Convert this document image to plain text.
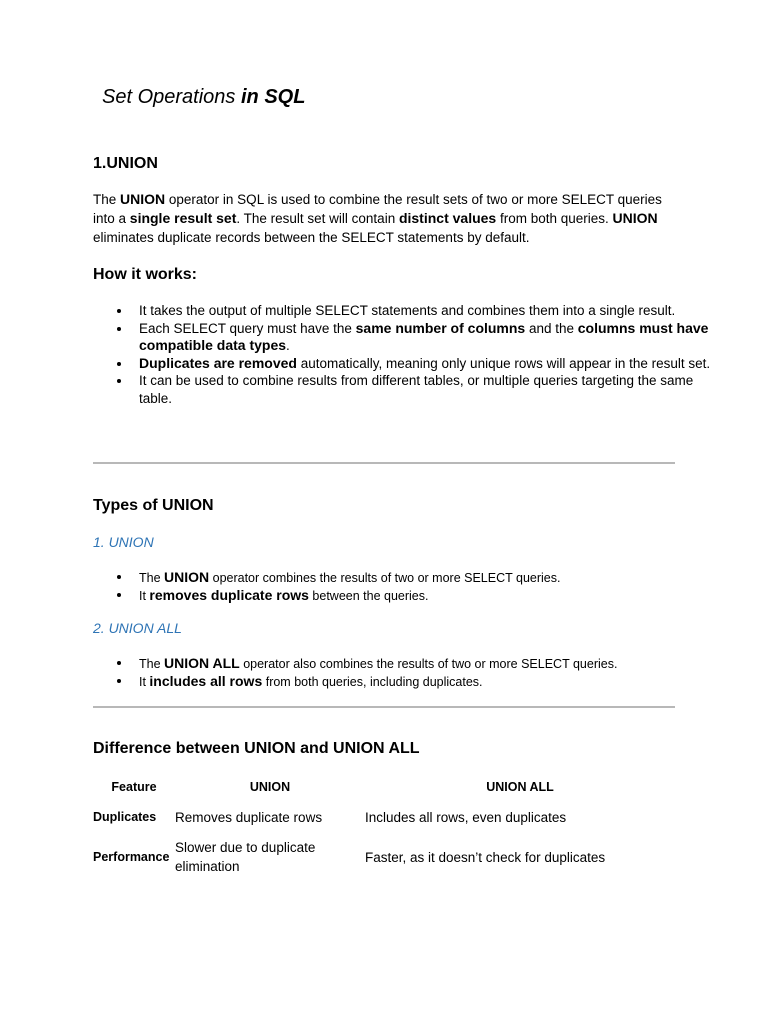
Set Operations in SQL
1.UNION
The UNION operator in SQL is used to combine the result sets of two or more SELECT queries into a single result set. The result set will contain distinct values from both queries. UNION eliminates duplicate records between the SELECT statements by default.
How it works:
It takes the output of multiple SELECT statements and combines them into a single result.
Each SELECT query must have the same number of columns and the columns must have compatible data types.
Duplicates are removed automatically, meaning only unique rows will appear in the result set.
It can be used to combine results from different tables, or multiple queries targeting the same table.
Types of UNION
1. UNION
The UNION operator combines the results of two or more SELECT queries.
It removes duplicate rows between the queries.
2. UNION ALL
The UNION ALL operator also combines the results of two or more SELECT queries.
It includes all rows from both queries, including duplicates.
Difference between UNION and UNION ALL
Feature	UNION	UNION ALL
Duplicates	Removes duplicate rows	Includes all rows, even duplicates
Performance	Slower due to duplicate elimination	Faster, as it doesn’t check for duplicates
